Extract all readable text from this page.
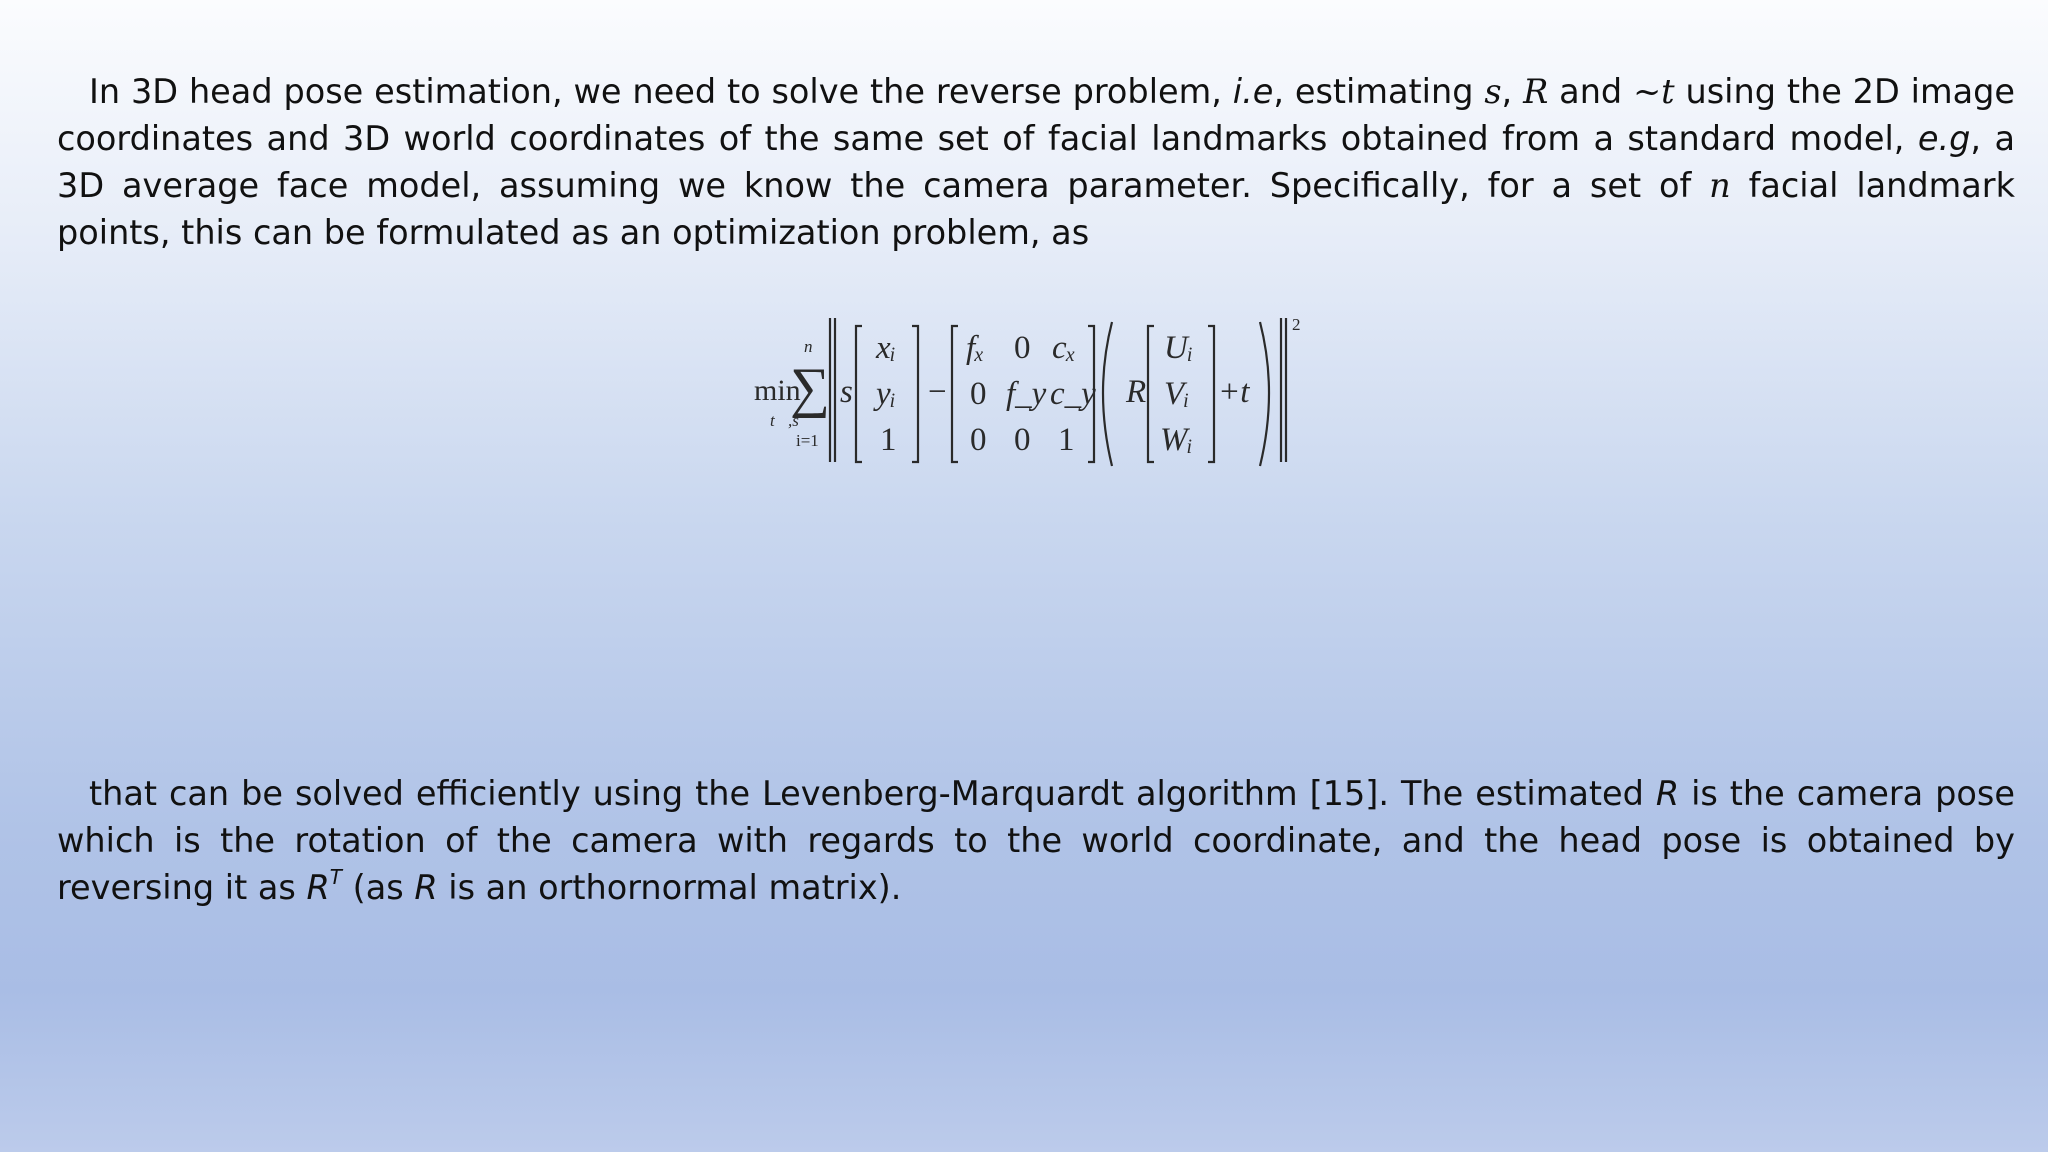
In 3D head pose estimation, we need to solve the reverse problem, i.e, estimating s, R and ~t using the 2D image coordinates and 3D world coordinates of the same set of facial landmarks obtained from a standard model, e.g, a 3D average face model, assuming we know the camera parameter. Specifically, for a set of n facial landmark points, this can be formulated as an optimization problem, as

min
t⃗,s
n
∑
i=1
s
xᵢ
yᵢ
1
−
fₓ 0 cₓ
0 f_y c_y
0 0 1
R
Uᵢ
Vᵢ
Wᵢ
+t⃗
2

that can be solved efficiently using the Levenberg-Marquardt algorithm [15]. The estimated R is the camera pose which is the rotation of the camera with regards to the world coordinate, and the head pose is obtained by reversing it as $R^T$ (as R is an orthornormal matrix).
